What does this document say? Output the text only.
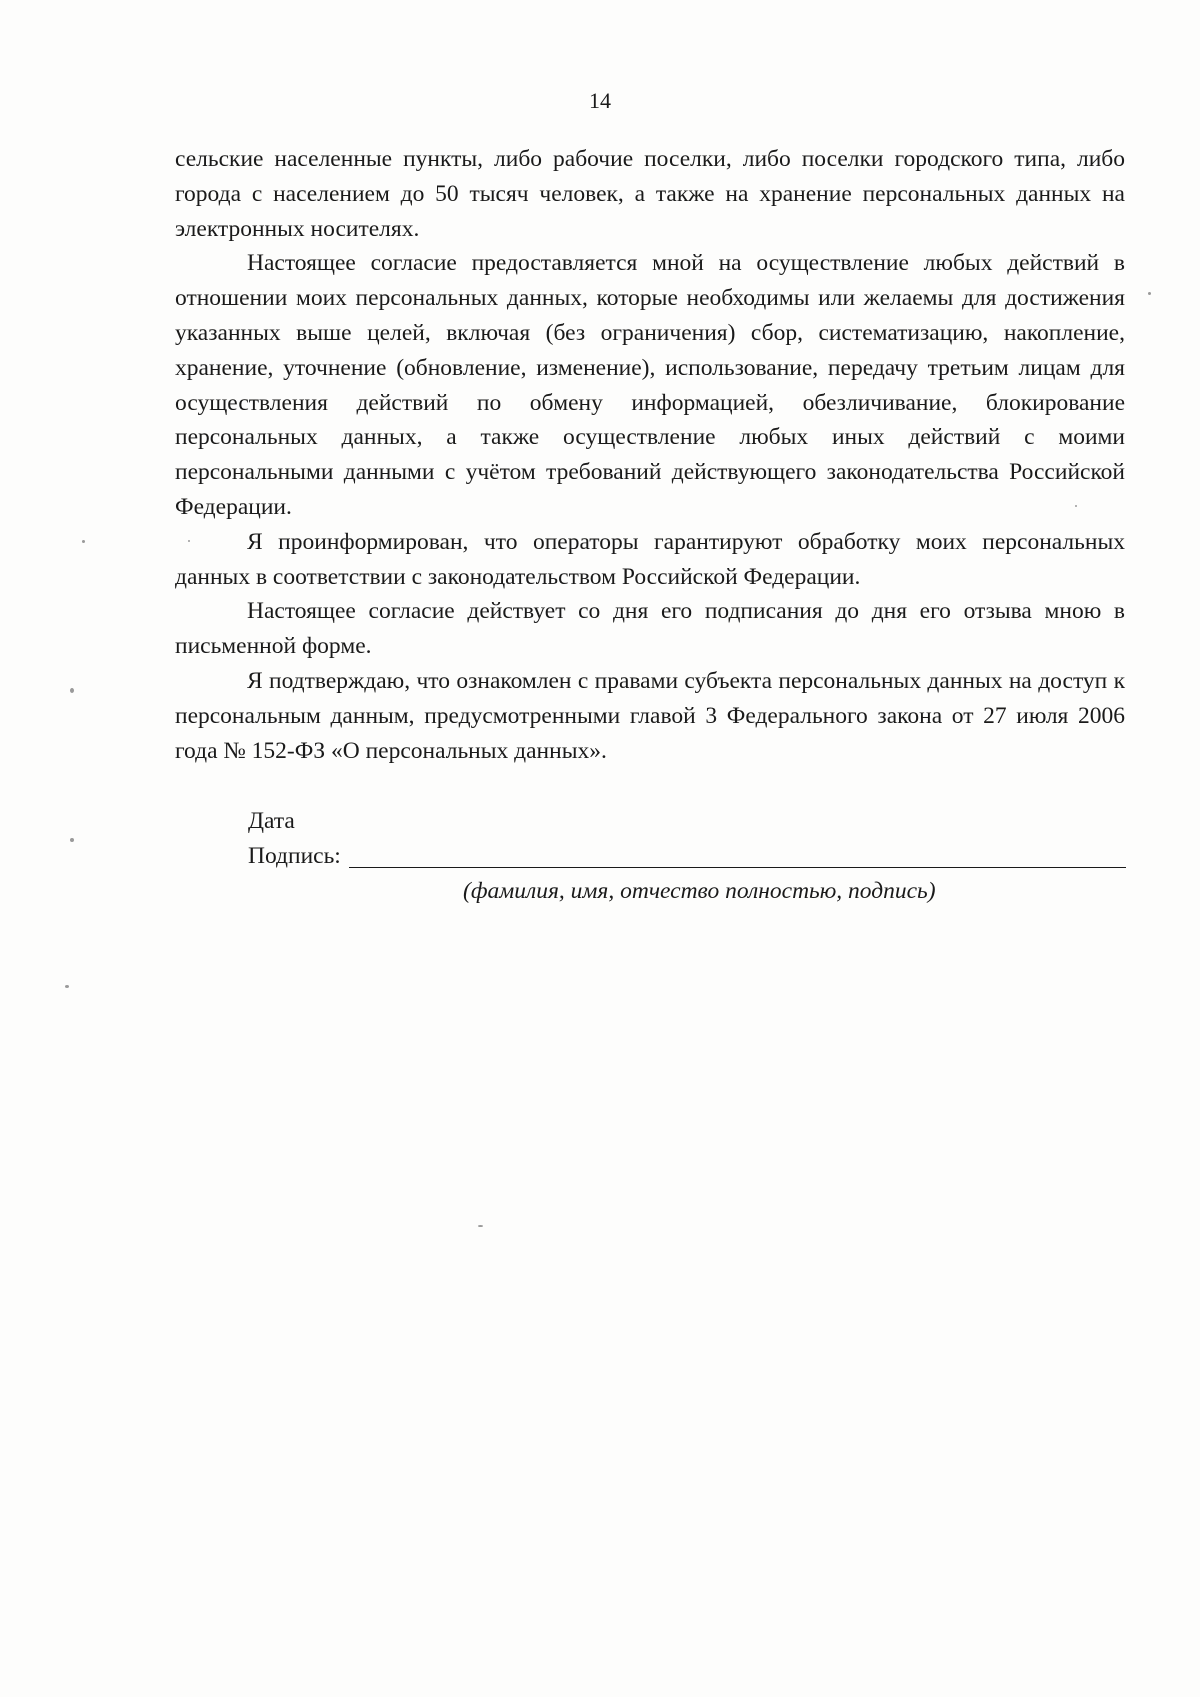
14

сельские населенные пункты, либо рабочие поселки, либо поселки городского типа, либо города с населением до 50 тысяч человек, а также на хранение персональных данных на электронных носителях.

Настоящее согласие предоставляется мной на осуществление любых действий в отношении моих персональных данных, которые необходимы или желаемы для достижения указанных выше целей, включая (без ограничения) сбор, систематизацию, накопление, хранение, уточнение (обновление, изменение), использование, передачу третьим лицам для осуществления действий по обмену информацией, обезличивание, блокирование персональных данных, а также осуществление любых иных действий с моими персональными данными с учётом требований действующего законодательства Российской Федерации.

Я проинформирован, что операторы гарантируют обработку моих персональных данных в соответствии с законодательством Российской Федерации.

Настоящее согласие действует со дня его подписания до дня его отзыва мною в письменной форме.

Я подтверждаю, что ознакомлен с правами субъекта персональных данных на доступ к персональным данным, предусмотренными главой 3 Федерального закона от 27 июля 2006 года № 152-ФЗ «О персональных данных».

Дата
Подпись:
(фамилия, имя, отчество полностью, подпись)
